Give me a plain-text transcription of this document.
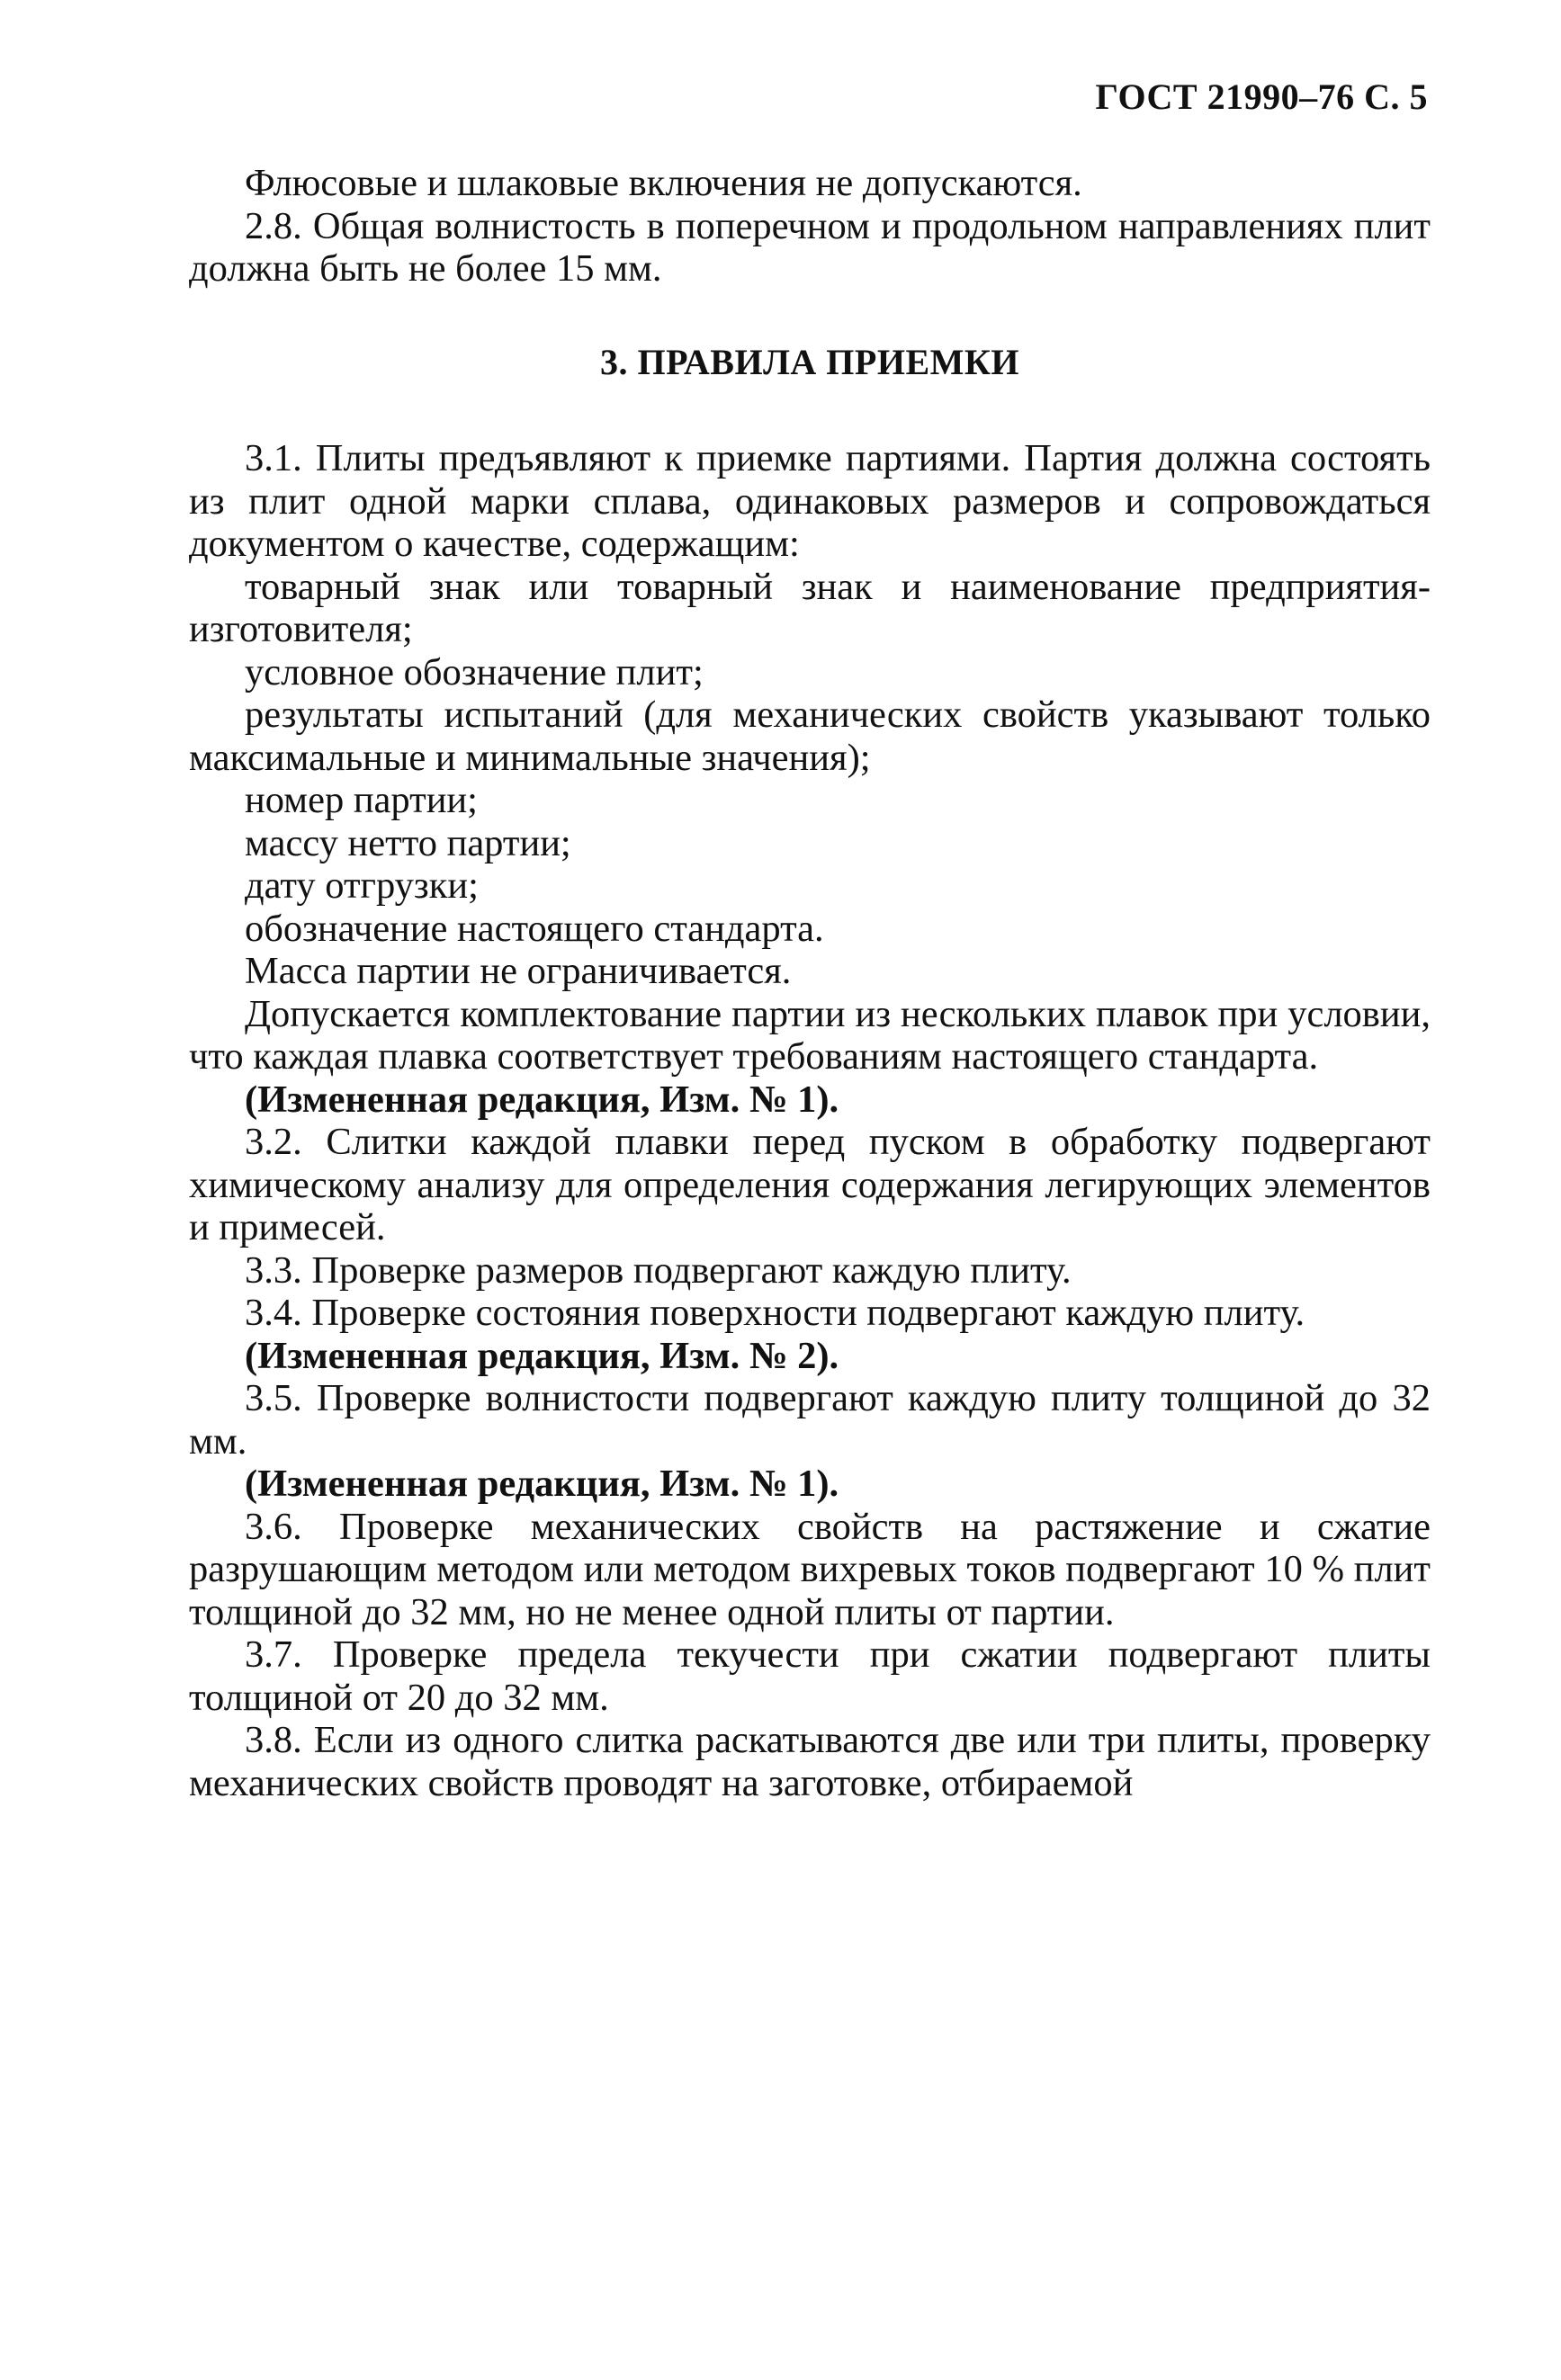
ГОСТ 21990–76 С. 5

Флюсовые и шлаковые включения не допускаются.

2.8. Общая волнистость в поперечном и продольном направлениях плит должна быть не более 15 мм.

3. ПРАВИЛА ПРИЕМКИ

3.1. Плиты предъявляют к приемке партиями. Партия должна состоять из плит одной марки сплава, одинаковых размеров и сопровождаться документом о качестве, содержащим:

товарный знак или товарный знак и наименование предприятия-изготовителя;

условное обозначение плит;

результаты испытаний (для механических свойств указывают только максимальные и минимальные значения);

номер партии;

массу нетто партии;

дату отгрузки;

обозначение настоящего стандарта.

Масса партии не ограничивается.

Допускается комплектование партии из нескольких плавок при условии, что каждая плавка соответствует требованиям настоящего стандарта.

(Измененная редакция, Изм. № 1).

3.2. Слитки каждой плавки перед пуском в обработку подвергают химическому анализу для определения содержания легирующих элементов и примесей.

3.3. Проверке размеров подвергают каждую плиту.

3.4. Проверке состояния поверхности подвергают каждую плиту.

(Измененная редакция, Изм. № 2).

3.5. Проверке волнистости подвергают каждую плиту толщиной до 32 мм.

(Измененная редакция, Изм. № 1).

3.6. Проверке механических свойств на растяжение и сжатие разрушающим методом или методом вихревых токов подвергают 10 % плит толщиной до 32 мм, но не менее одной плиты от партии.

3.7. Проверке предела текучести при сжатии подвергают плиты толщиной от 20 до 32 мм.

3.8. Если из одного слитка раскатываются две или три плиты, проверку механических свойств проводят на заготовке, отбираемой
